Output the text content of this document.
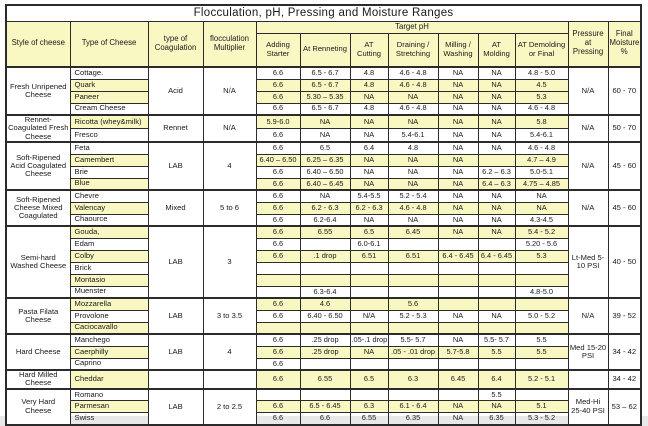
Flocculation, pH, Pressing and Moisture Ranges												
Style of cheese	Type of Cheese	type of Coagulation	flocculation Multiplier	Target pH							Pressure at Pressing	Final Moisture %
				Adding Starter	At Renneting	AT Cutting	Draining / Stretching	Milling / Washing	AT Molding	AT Demolding or Final		
Fresh Unripened Cheese	Cottage.	Acid	N/A	6.6	6.5 - 6.7	4.8	4.6 - 4.8	NA	NA	4.8 - 5.0	N/A	60 - 70
	Quark			6.6	6.5 - 6.7	4.8	4.6 - 4.8	NA	NA	4.5		
	Paneer			6.6	5.30 – 5.35	NA	NA	NA	NA	5.3		
	Cream Cheese			6.6	6.5 - 6.7	4.8	4.6 - 4.8	NA	NA	4.6 - 4.8		
Rennet-Coagulated Fresh Cheese	Ricotta (whey&milk)	Rennet	N/A	5.9-6.0	NA	NA	NA	NA	NA	5.8	N/A	50 - 70
	Fresco			6.6	NA	NA	5.4-6.1	NA	NA	5.4-6.1		
Soft-Ripened Acid Coagulated Cheese	Feta	LAB	4	6.6	6.5	6.4	4.8	NA	NA	4.6 - 4.8	N/A	45 - 60
	Camembert			6.40 – 6.50	6.25 – 6.35	NA	NA	NA		4.7 – 4.9		
	Brie			6.6	6.40 – 6.50	NA	NA	NA	6.2 – 6.3	5.0-5.1		
	Blue			6.6	6.40 – 6.45	NA	NA	NA	6.4 – 6.3	4.75 – 4.85		
Soft-Ripened Cheese Mixed Coagulated	Chevre	Mixed	5 to 6	6.6	NA	5.4-5.5	5.2 - 5.4	NA	NA	NA	N/A	45 - 60
	Valencay			6.6	6.2 - 6.3	6.2 - 6.3	4.6 - 4.8	NA	NA	NA		
	Chaource			6.6	6.2-6.4	NA	NA	NA	NA	4.3-4.5		
Semi-hard Washed Cheese	Gouda,	LAB	3	6.6	6.55	6.5	6.45	NA	NA	5.4 - 5.2	Lt-Med 5-10 PSI	40 - 50
	Edam			6.6		6.0-6.1				5.20 - 5.6		
	Colby			6.6	.1 drop	6.51	6.51	6.4 - 6.45	6.4 - 6.45	5.3		
	Brick											
	Montasio											
	Muenster				6.3-6.4					4.8-5.0		
Pasta Filata Cheese	Mozzarella	LAB	3 to 3.5	6.6	4.6		5.6				N/A	39 - 52
	Provolone			6.6	6.40 - 6.50	N/A	5.2 - 5.3	NA	NA	5.0 - 5.2		
	Caciocavallo											
Hard Cheese	Manchego	LAB	4	6.6	.25 drop	.05-.1 drop	5.5- 5.7	NA	5.5- 5.7	5.5	Med 15-20 PSI	34 - 42
	Caerphilly			6.6	.25 drop	NA	.05 - .01 drop	5.7-5.8	5.5	5.5		
	Caprino			6.6								
Hard Milled Cheese	Cheddar			6.6	6.55	6.5	6.3	6.45	6.4	5.2 - 5.1		34 - 42
Very Hard Cheese	Romano	LAB	2 to 2.5						5.5		Med-Hi 25-40 PSI	53 – 62
	Parmesan			6.6	6.5 - 6.45	6.3	6.1 - 6.4	NA	NA	5.1		
	Swiss			6.6	6.6	6.55	6.35	NA	6.35	5.3 - 5.2		
